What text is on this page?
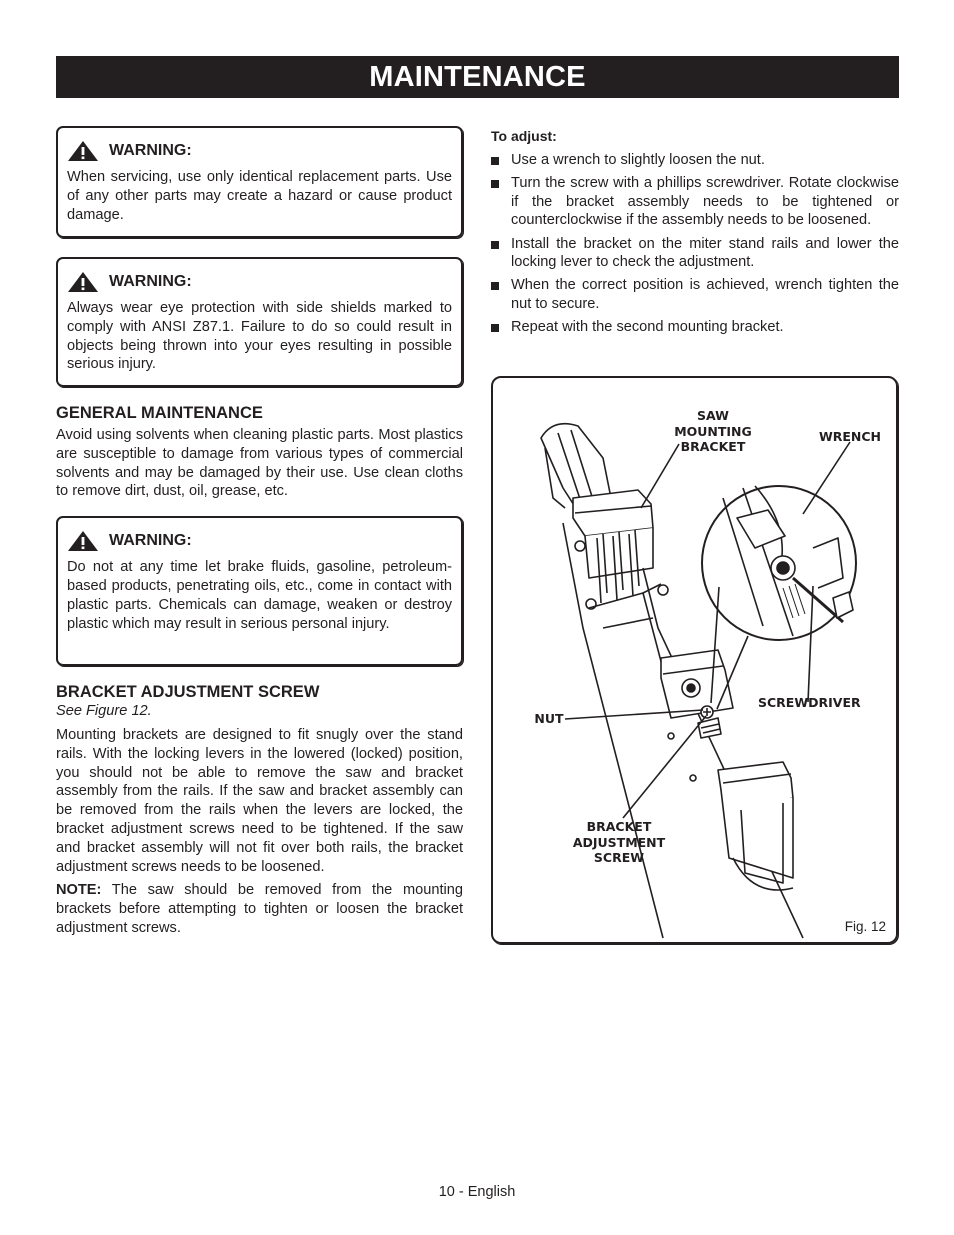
MAINTENANCE
WARNING:
When servicing, use only identical replacement parts. Use of any other parts may create a hazard or cause product damage.
WARNING:
Always wear eye protection with side shields marked to comply with ANSI Z87.1. Failure to do so could result in objects being thrown into your eyes resulting in possible serious injury.
GENERAL MAINTENANCE

Avoid using solvents when cleaning plastic parts. Most plastics are susceptible to damage from various types of commercial solvents and may be damaged by their use. Use clean cloths to remove dirt, dust, oil, grease, etc.

WARNING:
Do not at any time let brake fluids, gasoline, petroleum-based products, penetrating oils, etc., come in contact with plastic parts. Chemicals can damage, weaken or destroy plastic which may result in serious personal injury.
BRACKET ADJUSTMENT SCREW

See Figure 12.

Mounting brackets are designed to fit snugly over the stand rails. With the locking levers in the lowered (locked) position, you should not be able to remove the saw and bracket assembly from the rails. If the saw and bracket assembly can be removed from the rails when the levers are locked, the bracket adjustment screws need to be tightened. If the saw and bracket assembly will not fit over both rails, the bracket adjustment screws needs to be loosened.

NOTE: The saw should be removed from the mounting brackets before attempting to tighten or loosen the bracket adjustment screws.

To adjust:
Use a wrench to slightly loosen the nut.
Turn the screw with a phillips screwdriver. Rotate clockwise if the bracket assembly needs to be tightened or counterclockwise if the assembly needs to be loosened.
Install the bracket on the miter stand rails and lower the locking lever to check the adjustment.
When the correct position is achieved, wrench tighten the nut to secure.
Repeat with the second mounting bracket.
SAW MOUNTING BRACKET
WRENCH
SCREWDRIVER
NUT
BRACKET ADJUSTMENT SCREW
Fig. 12
10 - English
